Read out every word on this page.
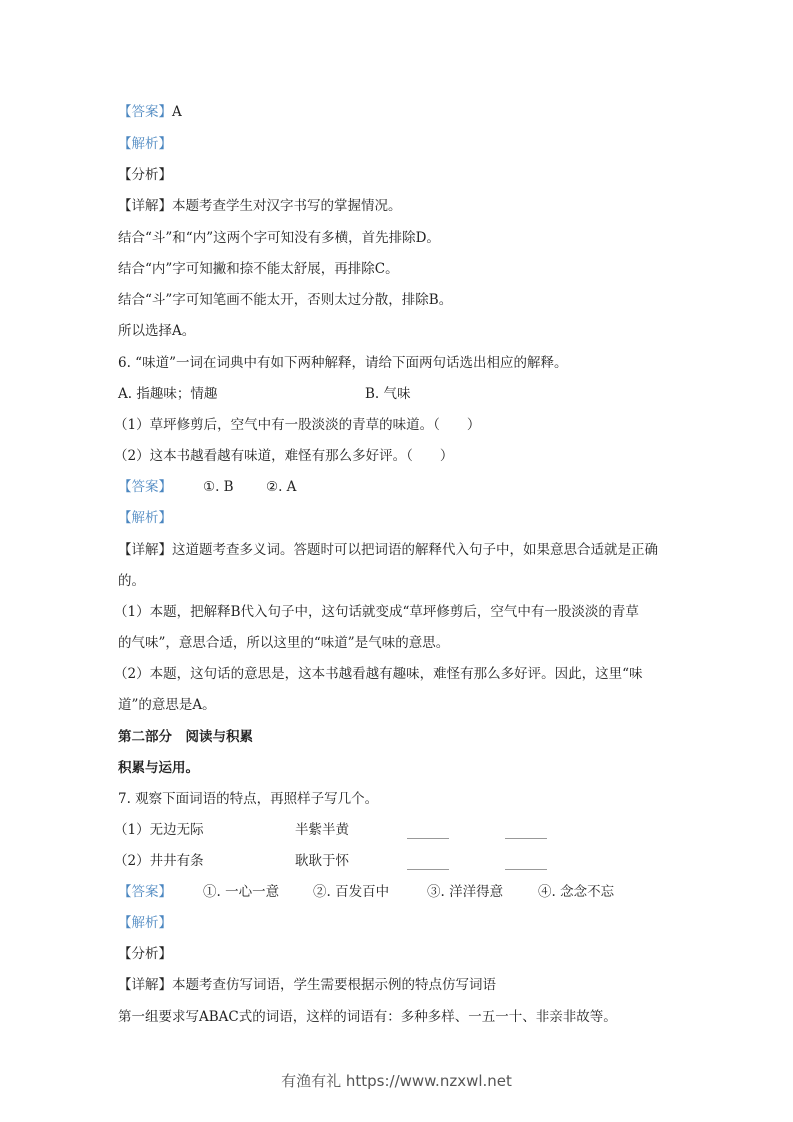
【答案】A
【解析】
【分析】
【详解】本题考查学生对汉字书写的掌握情况。
结合“斗”和“内”这两个字可知没有多横，首先排除D。
结合“内”字可知撇和捺不能太舒展，再排除C。
结合“斗”字可知笔画不能太开，否则太过分散，排除B。
所以选择A。
6. “味道”一词在词典中有如下两种解释，请给下面两句话选出相应的解释。
A. 指趣味；情趣	B. 气味
（1）草坪修剪后，空气中有一股淡淡的青草的味道。（　　）
（2）这本书越看越有味道，难怪有那么多好评。（　　）
【答案】 ①. B ②. A
【解析】
【详解】这道题考查多义词。答题时可以把词语的解释代入句子中，如果意思合适就是正确
的。
（1）本题，把解释B代入句子中，这句话就变成“草坪修剪后，空气中有一股淡淡的青草
的气味”，意思合适，所以这里的“味道”是气味的意思。
（2）本题，这句话的意思是，这本书越看越有趣味，难怪有那么多好评。因此，这里“味
道”的意思是A。
第二部分　阅读与积累
积累与运用。
7. 观察下面词语的特点，再照样子写几个。
（1）无边无际	半紫半黄
（2）井井有条	耿耿于怀
【答案】 ①. 一心一意	②. 百发百中	③. 洋洋得意	④. 念念不忘
【解析】
【分析】
【详解】本题考查仿写词语，学生需要根据示例的特点仿写词语
第一组要求写ABAC式的词语，这样的词语有：多种多样、一五一十、非亲非故等。
有渔有礼 https://www.nzxwl.net
